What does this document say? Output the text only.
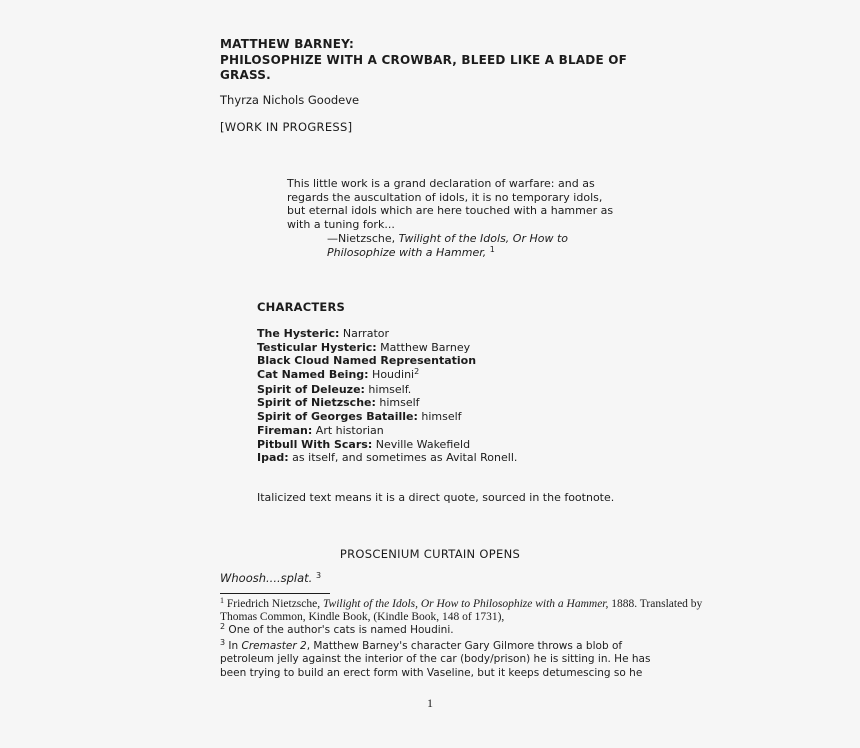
MATTHEW BARNEY:
PHILOSOPHIZE WITH A CROWBAR, BLEED LIKE A BLADE OF
GRASS.
Thyrza Nichols Goodeve
[WORK IN PROGRESS]
This little work is a grand declaration of warfare: and as
regards the auscultation of idols, it is no temporary idols,
but eternal idols which are here touched with a hammer as
with a tuning fork...
—Nietzsche, Twilight of the Idols, Or How to
Philosophize with a Hammer, $^1$
CHARACTERS
The Hysteric: Narrator
Testicular Hysteric: Matthew Barney
Black Cloud Named Representation
Cat Named Being: Houdini$^2$
Spirit of Deleuze: himself.
Spirit of Nietzsche: himself
Spirit of Georges Bataille: himself
Fireman: Art historian
Pitbull With Scars: Neville Wakefield
Ipad: as itself, and sometimes as Avital Ronell.
Italicized text means it is a direct quote, sourced in the footnote.
PROSCENIUM CURTAIN OPENS
Whoosh....splat. $^3$
$^1$ Friedrich Nietzsche, Twilight of the Idols, Or How to Philosophize with a Hammer, 1888. Translated by
Thomas Common, Kindle Book, (Kindle Book, 148 of 1731),
$^2$ One of the author's cats is named Houdini.
$^3$ In Cremaster 2, Matthew Barney's character Gary Gilmore throws a blob of
petroleum jelly against the interior of the car (body/prison) he is sitting in. He has
been trying to build an erect form with Vaseline, but it keeps detumescing so he
1
